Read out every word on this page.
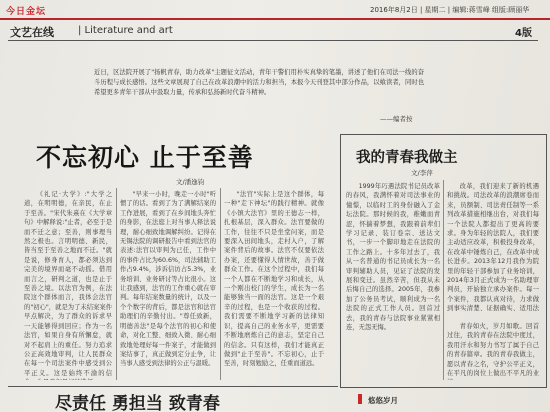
今日金坛	2016年8月2日 | 星期二 | 编辑:蒋雪峰 组版:顾丽华
文艺在线 | Literature and art	4版
近日，区法院开展了"扬帆青春，助力改革"主题征文活动，青年干警们用朴实真挚的笔墨，讲述了他们在司法一线的奋斗历程与成长感悟。这些文章展现了自己在改革浪潮中的活力和担当，本报今天刊登其中部分作品，以飨读者，同时也希望更多青年干部从中汲取力量，传承和弘扬新时代奋斗精神。
——编者按
不忘初心 止于至善
文/潘逸钧

《礼记·大学》:"大学之道，在明明德，在亲民，在止于至善。"宋代朱熹在《大学章句》中解释说:"止者，必至于是而不迁之意；至善，则事理当然之极也。言明明德、新民，皆当至于至善之地而不迁。"就是说，修身育人，都必须达到完美的境界而毫不动摇。借用而言之，研判之道，也是止于至善之境。以法官为例，在法院这个群体而言，我体会法官的"初心"，就是为了未结案案件早点解决，为了群众的诉求早一天能够得到回应；作为一名法官，如果自身有所懈怠，就对不起肩上的重任。努力追求公正高效地审判，让人民群众在每一个司法案件中感受到公平正义。这是始终不渝的信

"早来一小时，晚走一小时"听惯了的话。看到了为了满解结案的工作进展，看到了在乡间地头奔忙的身影，在法庭上对当事人释法说理，耐心细致地调解纠纷。记得在无锡法院的调研报告中看到法官的表述:法官以审判为已任，工作中的事件占比为60.6%，司法辅助工作占9.4%，涉诉信访占5.3%，业务培训、业务研讨等占比很小。这让我感到，法官的工作重心就在审判。每年结案数量的统计，以及一个个数字的背后，都是法官和法官助理们的辛勤付出。"尊任致新，明德善法"是每个法官的初心和使命，对化工整、细致入微、耐心细致地处理好每一件案子，才能做到案结事了，真正做到定分止争，让当事人感受到法律的公正与温暖。

"法官"实际上是这个群体，每一种"走下神坛"的践行精神。就像《小镇大法官》里的王德志一样，扎根基层，深入群众。法官要做的工作，往往不只是坐堂问案，而是要深入田间地头，走村入户，了解案件背后的故事。法官不仅要依法办案，还要懂得人情世故，善于做群众工作。在这个过程中，我们每一个人都在不断地学习和成长，从一个刚出校门的学生，成长为一名能够独当一面的法官。这是一个艰辛的过程，也是一个收获的过程。我们需要不断地学习新的法律知识，提高自己的业务水平，更需要不断地磨炼自己的意志，坚定自己的信念。只有这样，我们才能真正做到"止于至善"。不忘初心，止于至善，时刻勉励之，任重而道远。

我的青春我做主
文/李萍

1999年巧遇法院书记员改革的春风，我满怀着对司法事业的憧憬，以临时工的身份融入了金坛法院。那时候的我，稚嫩而青涩，怀揣着梦想，我跟着前辈们学习记录、装订卷宗、送达文书，一步一个脚印地走在法院的工作之路上。十多年过去了，我从一名普通的书记员成长为一名审判辅助人员，见证了法院的发展和变迁。虽然辛苦，但我从未后悔自己的选择。2005年，我参加了公务员考试，顺利成为一名法院的正式工作人员。回首过去，我的青春与法院事业紧紧相连，无怨无悔。

改革，我们迎来了新的机遇和挑战。司法改革的浪潮席卷而来，员额制、司法责任制等一系列改革措施相继出台，对我们每一个法院人都提出了更高的要求。身为年轻的法院人，我们要主动适应改革，积极投身改革，在改革中锤炼自己，在改革中成长进步。2013年12月我作为院里的年轻干部参加了业务培训，2014年3月正式成为一名助理审判员，开始独立承办案件。每一个案件，我都认真对待，力求做到事实清楚、证据确实、适用法

青春如火，岁月如歌。回首过往，我的青春在法院中度过，我用汗水和努力书写了属于自己的青春篇章。我的青春我做主，愿以青春之名，守护公平正义，在平凡的岗位上做出不平凡的业

尽责任 勇担当 致青春	悠悠岁月
